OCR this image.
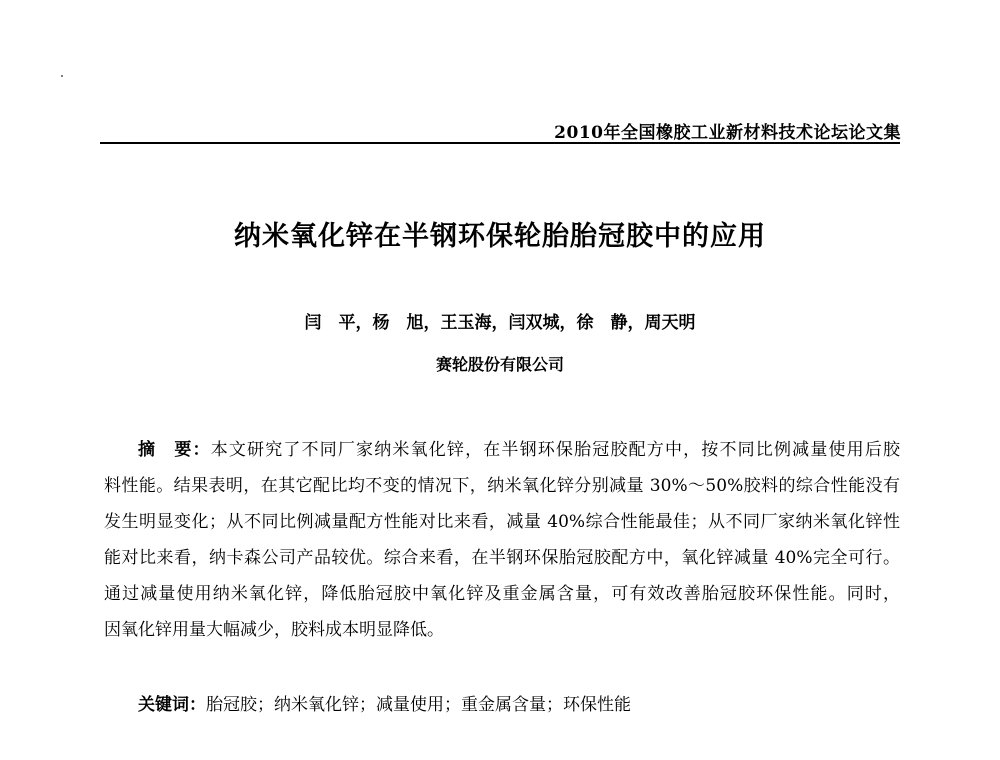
2010年全国橡胶工业新材料技术论坛论文集
纳米氧化锌在半钢环保轮胎胎冠胶中的应用
闫　平，杨　旭，王玉海，闫双城，徐　静，周天明
赛轮股份有限公司
摘　要：本文研究了不同厂家纳米氧化锌，在半钢环保胎冠胶配方中，按不同比例减量使用后胶
料性能。结果表明，在其它配比均不变的情况下，纳米氧化锌分别减量 30%～50%胶料的综合性能没有
发生明显变化；从不同比例减量配方性能对比来看，减量 40%综合性能最佳；从不同厂家纳米氧化锌性
能对比来看，纳卡森公司产品较优。综合来看，在半钢环保胎冠胶配方中，氧化锌减量 40%完全可行。
通过减量使用纳米氧化锌，降低胎冠胶中氧化锌及重金属含量，可有效改善胎冠胶环保性能。同时，
因氧化锌用量大幅减少，胶料成本明显降低。
关键词：胎冠胶；纳米氧化锌；减量使用；重金属含量；环保性能
